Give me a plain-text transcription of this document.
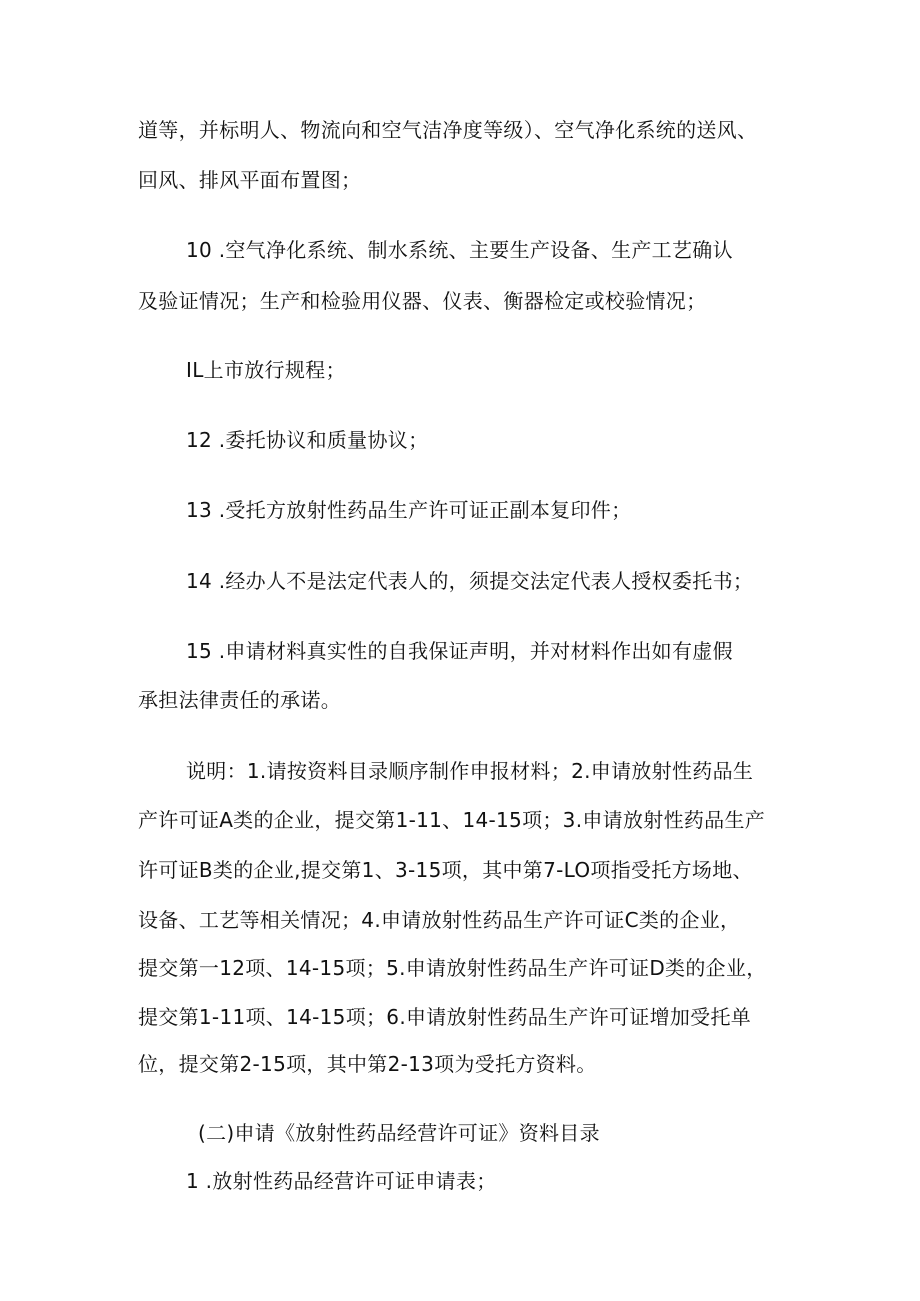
道等，并标明人、物流向和空气洁净度等级）、空气净化系统的送风、
回风、排风平面布置图；
10 .空气净化系统、制水系统、主要生产设备、生产工艺确认
及验证情况；生产和检验用仪器、仪表、衡器检定或校验情况；
IL上市放行规程；
12 .委托协议和质量协议；
13 .受托方放射性药品生产许可证正副本复印件；
14 .经办人不是法定代表人的，须提交法定代表人授权委托书；
15 .申请材料真实性的自我保证声明，并对材料作出如有虚假
承担法律责任的承诺。
说明：1.请按资料目录顺序制作申报材料；2.申请放射性药品生
产许可证A类的企业，提交第1-11、14-15项；3.申请放射性药品生产
许可证B类的企业,提交第1、3-15项，其中第7-LO项指受托方场地、
设备、工艺等相关情况；4.申请放射性药品生产许可证C类的企业，
提交第一12项、14-15项；5.申请放射性药品生产许可证D类的企业，
提交第1-11项、14-15项；6.申请放射性药品生产许可证增加受托单
位，提交第2-15项，其中第2-13项为受托方资料。
(二)申请《放射性药品经营许可证》资料目录
1 .放射性药品经营许可证申请表；
